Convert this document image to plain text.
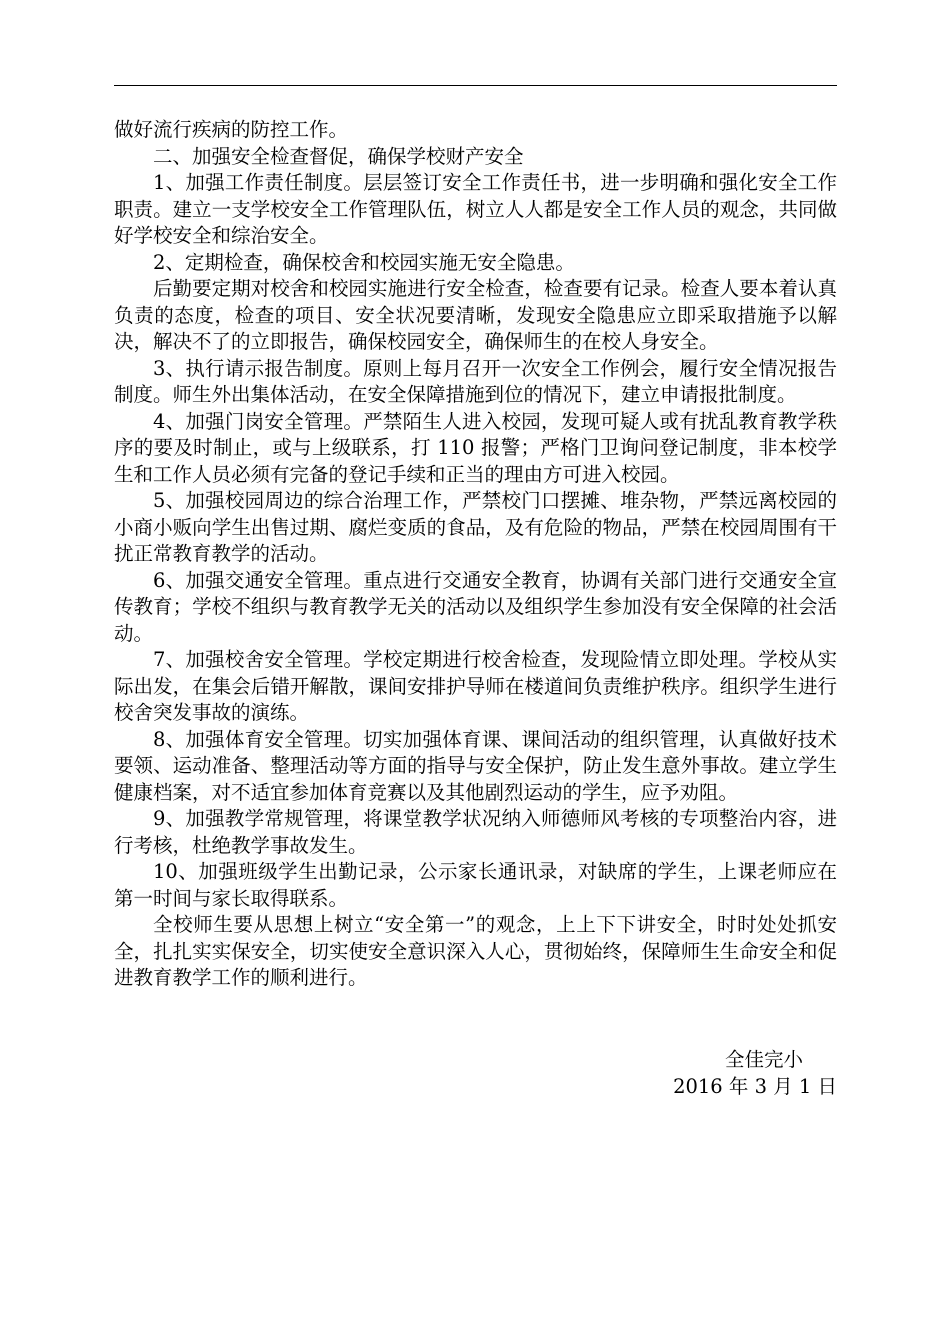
做好流行疾病的防控工作。

二、加强安全检查督促，确保学校财产安全

1、加强工作责任制度。层层签订安全工作责任书，进一步明确和强化安全工作职责。建立一支学校安全工作管理队伍，树立人人都是安全工作人员的观念，共同做好学校安全和综治安全。

2、定期检查，确保校舍和校园实施无安全隐患。

后勤要定期对校舍和校园实施进行安全检查，检查要有记录。检查人要本着认真负责的态度，检查的项目、安全状况要清晰，发现安全隐患应立即采取措施予以解决，解决不了的立即报告，确保校园安全，确保师生的在校人身安全。

3、执行请示报告制度。原则上每月召开一次安全工作例会，履行安全情况报告制度。师生外出集体活动，在安全保障措施到位的情况下，建立申请报批制度。

4、加强门岗安全管理。严禁陌生人进入校园，发现可疑人或有扰乱教育教学秩序的要及时制止，或与上级联系，打 110 报警；严格门卫询问登记制度，非本校学生和工作人员必须有完备的登记手续和正当的理由方可进入校园。

5、加强校园周边的综合治理工作，严禁校门口摆摊、堆杂物，严禁远离校园的小商小贩向学生出售过期、腐烂变质的食品，及有危险的物品，严禁在校园周围有干扰正常教育教学的活动。

6、加强交通安全管理。重点进行交通安全教育，协调有关部门进行交通安全宣传教育；学校不组织与教育教学无关的活动以及组织学生参加没有安全保障的社会活动。

7、加强校舍安全管理。学校定期进行校舍检查，发现险情立即处理。学校从实际出发，在集会后错开解散，课间安排护导师在楼道间负责维护秩序。组织学生进行校舍突发事故的演练。

8、加强体育安全管理。切实加强体育课、课间活动的组织管理，认真做好技术要领、运动准备、整理活动等方面的指导与安全保护，防止发生意外事故。建立学生健康档案，对不适宜参加体育竞赛以及其他剧烈运动的学生，应予劝阻。

9、加强教学常规管理，将课堂教学状况纳入师德师风考核的专项整治内容，进行考核，杜绝教学事故发生。

10、加强班级学生出勤记录，公示家长通讯录，对缺席的学生，上课老师应在第一时间与家长取得联系。

全校师生要从思想上树立“安全第一”的观念，上上下下讲安全，时时处处抓安全，扎扎实实保安全，切实使安全意识深入人心，贯彻始终，保障师生生命安全和促进教育教学工作的顺利进行。

全佳完小
2016 年 3 月 1 日
